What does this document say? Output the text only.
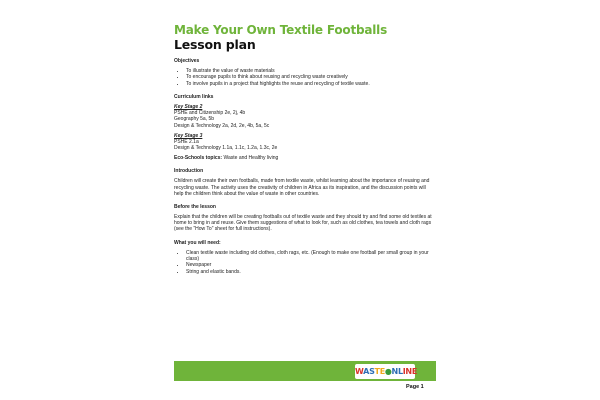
Make Your Own Textile Footballs

Lesson plan

Objectives

• To illustrate the value of waste materials
• To encourage pupils to think about reusing and recycling waste creatively
• To involve pupils in a project that highlights the reuse and recycling of textile waste.

Curriculum links

Key Stage 2

PSHE and Citizenship 2e, 2j, 4b

Geography 5a, 5b

Design & Technology 2a, 2d, 2e, 4b, 5a, 5c

Key Stage 3

PSHE 2.1a

Design & Technology 1.1a, 1.1c, 1.2a, 1.3c, 2e

Eco-Schools topics: Waste and Healthy living

Introduction

Children will create their own footballs, made from textile waste, whilst learning about the importance of reusing and recycling waste. The activity uses the creativity of children in Africa as its inspiration, and the discussion points will help the children think about the value of waste in other countries.

Before the lesson

Explain that the children will be creating footballs out of textile waste and they should try and find some old textiles at home to bring in and reuse. Give them suggestions of what to look for, such as old clothes, tea towels and cloth rags (see the “How To” sheet for full instructions).

What you will need:

• Clean textile waste including old clothes, cloth rags, etc. (Enough to make one football per small group in your class)
• Newspaper
• String and elastic bands.
WASTE●NLINE
Page 1
